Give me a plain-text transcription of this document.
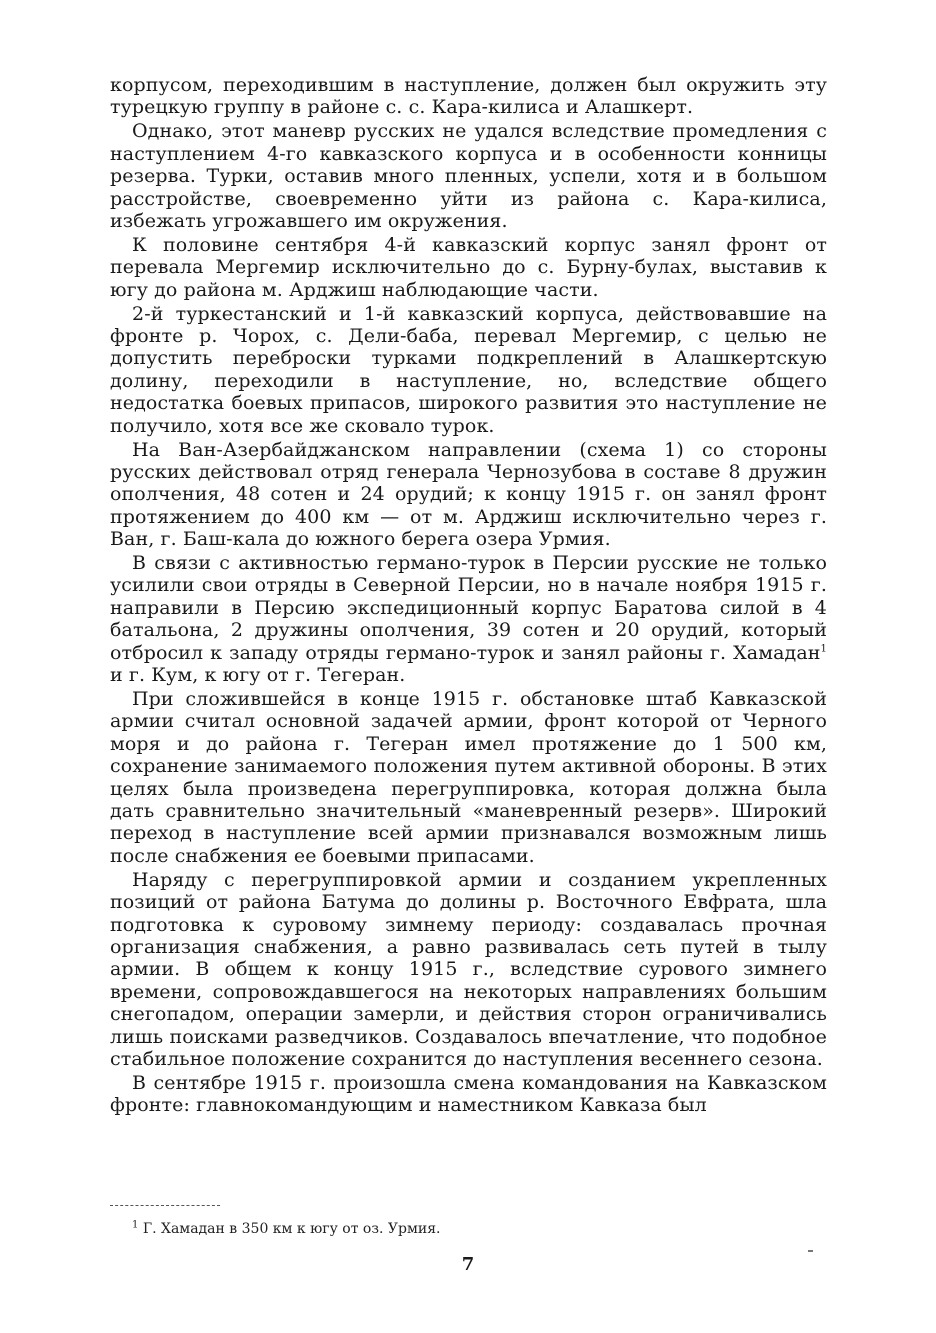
корпусом, переходившим в наступление, должен был окружить эту турецкую группу в районе с. с. Кара-килиса и Алашкерт.

Однако, этот маневр русских не удался вследствие промедления с наступлением 4-го кавказского корпуса и в особенности конницы резерва. Турки, оставив много пленных, успели, хотя и в большом расстройстве, своевременно уйти из района с. Кара-килиса, избежать угрожавшего им окружения.

К половине сентября 4-й кавказский корпус занял фронт от перевала Мергемир исключительно до с. Бурну-булах, выставив к югу до района м. Арджиш наблюдающие части.

2-й туркестанский и 1-й кавказский корпуса, действовавшие на фронте р. Чорох, с. Дели-баба, перевал Мергемир, с целью не допустить переброски турками подкреплений в Алашкертскую долину, переходили в наступление, но, вследствие общего недостатка боевых припасов, широкого развития это наступление не получило, хотя все же сковало турок.

На Ван-Азербайджанском направлении (схема 1) со стороны русских действовал отряд генерала Чернозубова в составе 8 дружин ополчения, 48 сотен и 24 орудий; к концу 1915 г. он занял фронт протяжением до 400 км — от м. Арджиш исключительно через г. Ван, г. Баш-кала до южного берега озера Урмия.

В связи с активностью германо-турок в Персии русские не только усилили свои отряды в Северной Персии, но в начале ноября 1915 г. направили в Персию экспедиционный корпус Баратова силой в 4 батальона, 2 дружины ополчения, 39 сотен и 20 орудий, который отбросил к западу отряды германо-турок и занял районы г. Хамадан$^1$ и г. Кум, к югу от г. Тегеран.

При сложившейся в конце 1915 г. обстановке штаб Кавказской армии считал основной задачей армии, фронт которой от Черного моря и до района г. Тегеран имел протяжение до 1 500 км, сохранение занимаемого положения путем активной обороны. В этих целях была произведена перегруппировка, которая должна была дать сравнительно значительный «маневренный резерв». Широкий переход в наступление всей армии признавался возможным лишь после снабжения ее боевыми припасами.

Наряду с перегруппировкой армии и созданием укрепленных позиций от района Батума до долины р. Восточного Евфрата, шла подготовка к суровому зимнему периоду: создавалась прочная организация снабжения, а равно развивалась сеть путей в тылу армии. В общем к концу 1915 г., вследствие сурового зимнего времени, сопровождавшегося на некоторых направлениях большим снегопадом, операции замерли, и действия сторон ограничивались лишь поисками разведчиков. Создавалось впечатление, что подобное стабильное положение сохранится до наступления весеннего сезона.

В сентябре 1915 г. произошла смена командования на Кавказском фронте: главнокомандующим и наместником Кавказа был

$^1$ Г. Хамадан в 350 км к югу от оз. Урмия.
7
